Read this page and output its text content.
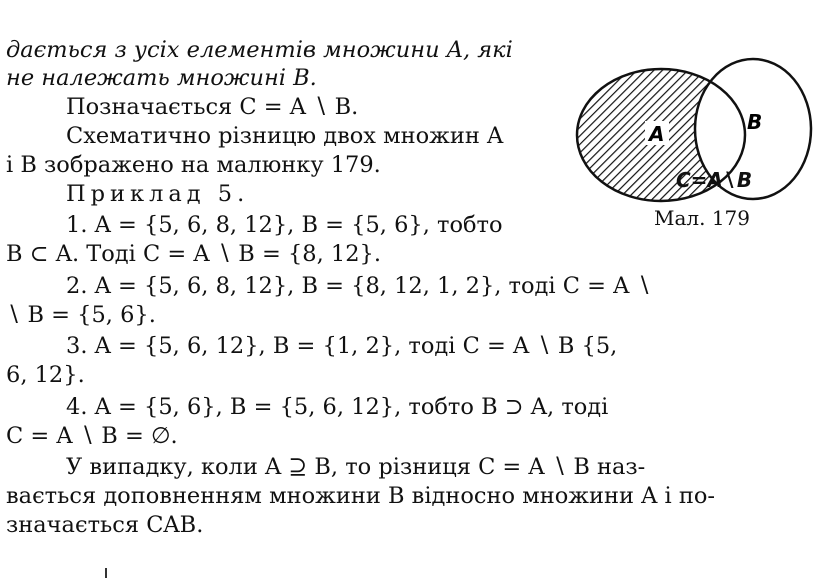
дається з усіх елементів множини A, які
не належать множині B.
Позначається C = A ∖ B.
Схематично різницю двох множин A
і B зображено на малюнку 179.
Приклад 5.
1. A = {5, 6, 8, 12}, B = {5, 6}, тобто
B ⊂ A. Тоді C = A ∖ B = {8, 12}.
2. A = {5, 6, 8, 12}, B = {8, 12, 1, 2}, тоді C = A ∖
∖ B = {5, 6}.
3. A = {5, 6, 12}, B = {1, 2}, тоді C = A ∖ B {5,
6, 12}.
4. A = {5, 6}, B = {5, 6, 12}, тобто B ⊃ A, тоді
C = A ∖ B = ∅.
У випадку, коли A ⊇ B, то різниця C = A ∖ B наз-
вається доповненням множини B відносно множини A і по-
значається CAB.
A	B
C=A∖B
Мал. 179
